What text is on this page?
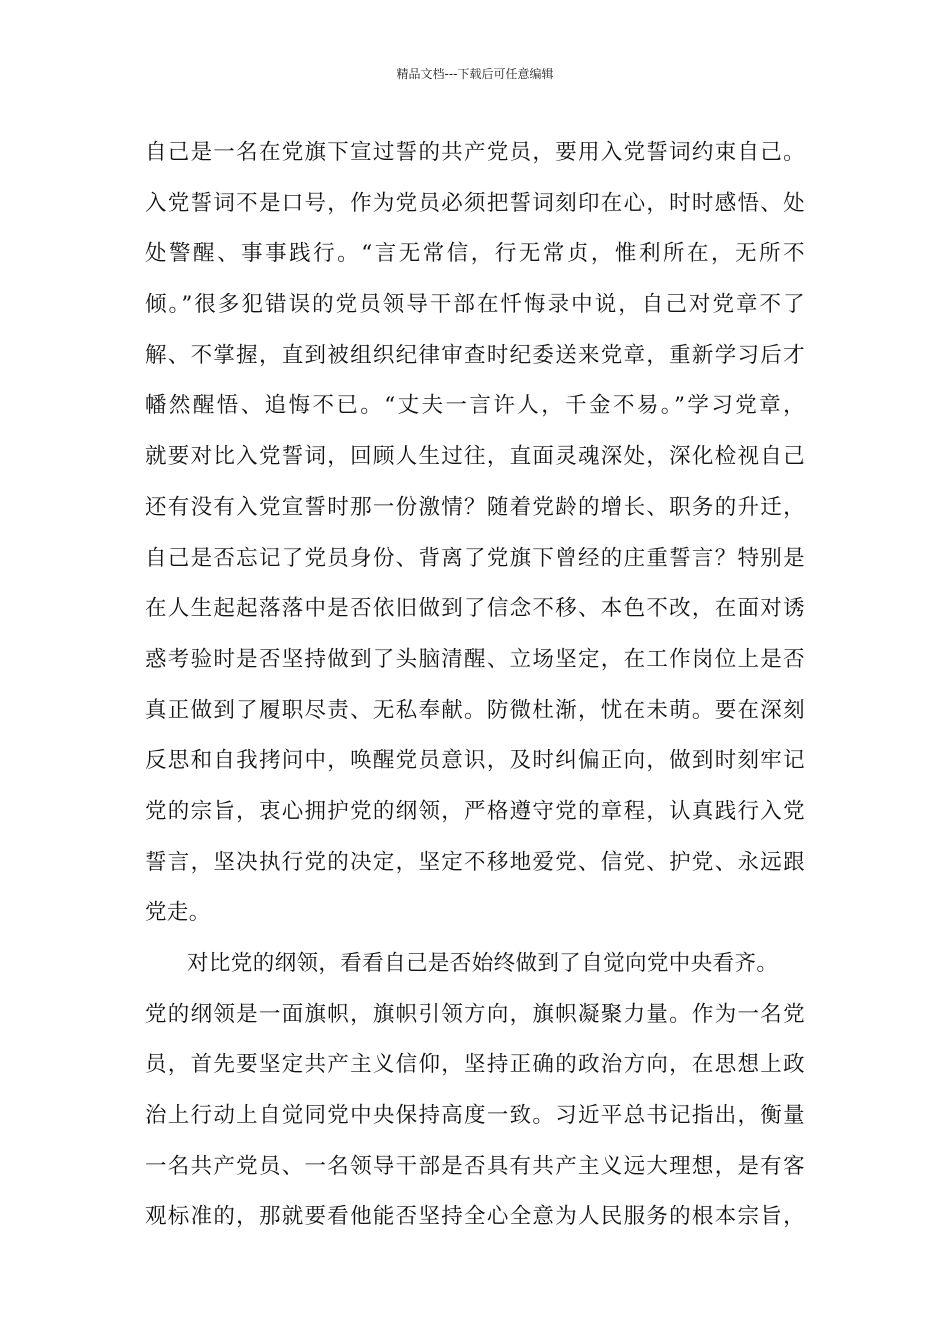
精品文档---下载后可任意编辑
自己是一名在党旗下宣过誓的共产党员，要用入党誓词约束自己。
入党誓词不是口号，作为党员必须把誓词刻印在心，时时感悟、处
处警醒、事事践行。“言无常信，行无常贞，惟利所在，无所不
倾。”很多犯错误的党员领导干部在忏悔录中说，自己对党章不了
解、不掌握，直到被组织纪律审查时纪委送来党章，重新学习后才
幡然醒悟、追悔不已。“丈夫一言许人，千金不易。”学习党章，
就要对比入党誓词，回顾人生过往，直面灵魂深处，深化检视自己
还有没有入党宣誓时那一份激情？随着党龄的增长、职务的升迁，
自己是否忘记了党员身份、背离了党旗下曾经的庄重誓言？特别是
在人生起起落落中是否依旧做到了信念不移、本色不改，在面对诱
惑考验时是否坚持做到了头脑清醒、立场坚定，在工作岗位上是否
真正做到了履职尽责、无私奉献。防微杜渐，忧在未萌。要在深刻
反思和自我拷问中，唤醒党员意识，及时纠偏正向，做到时刻牢记
党的宗旨，衷心拥护党的纲领，严格遵守党的章程，认真践行入党
誓言，坚决执行党的决定，坚定不移地爱党、信党、护党、永远跟
党走。
对比党的纲领，看看自己是否始终做到了自觉向党中央看齐。
党的纲领是一面旗帜，旗帜引领方向，旗帜凝聚力量。作为一名党
员，首先要坚定共产主义信仰，坚持正确的政治方向，在思想上政
治上行动上自觉同党中央保持高度一致。习近平总书记指出，衡量
一名共产党员、一名领导干部是否具有共产主义远大理想，是有客
观标准的，那就要看他能否坚持全心全意为人民服务的根本宗旨，
